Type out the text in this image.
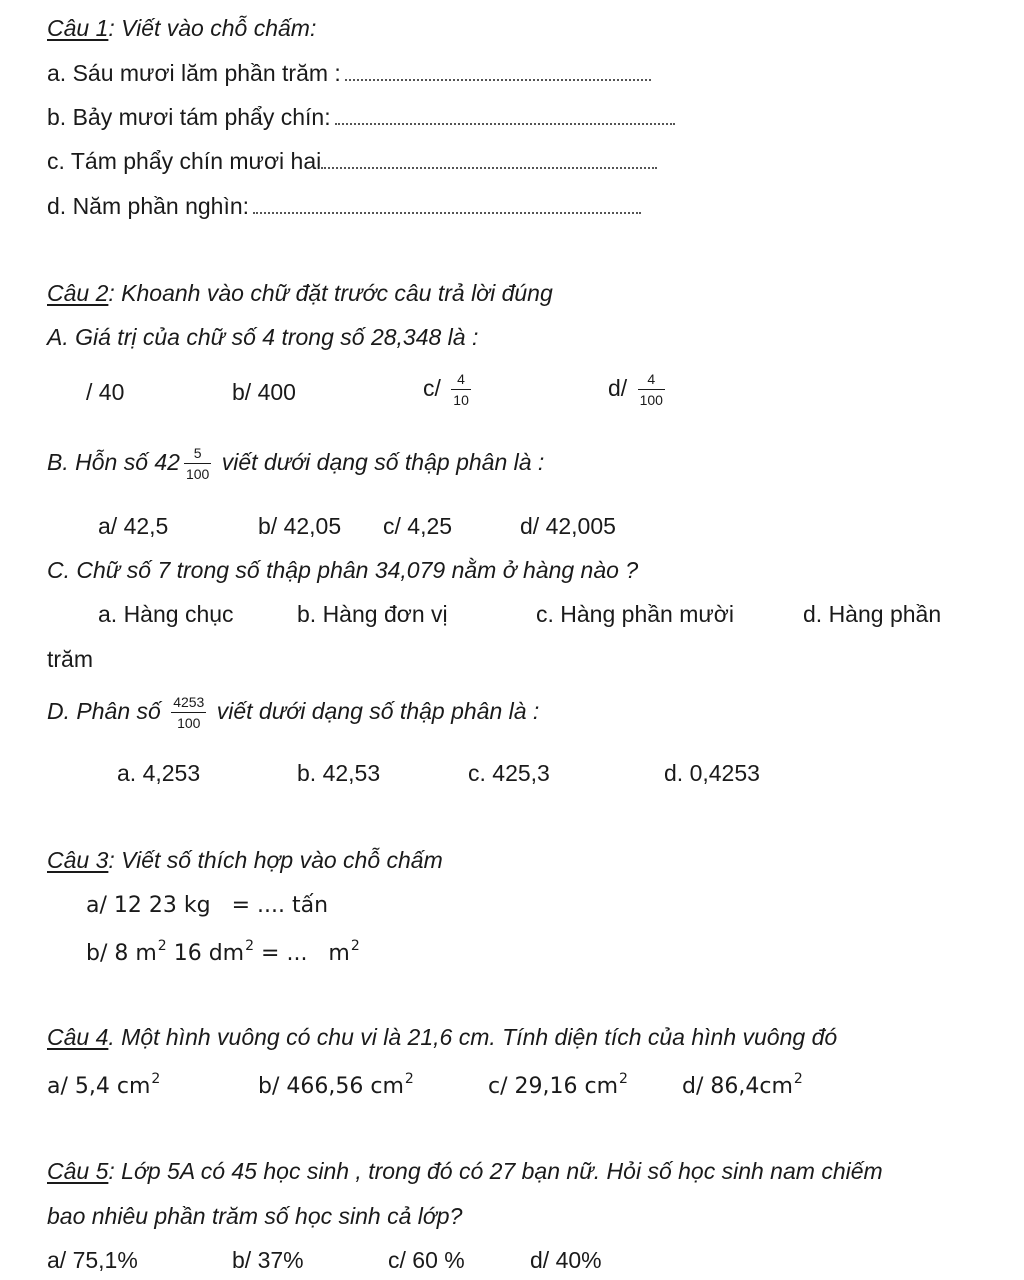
Câu 1: Viết vào chỗ chấm:
a. Sáu mươi lăm phần trăm :
b. Bảy mươi tám phẩy chín:
c. Tám phẩy chín mươi hai
d. Năm phần nghìn:
Câu 2: Khoanh vào chữ đặt trước câu trả lời đúng
A. Giá trị của chữ số 4 trong số 28,348 là :
/ 40	b/ 400	$c/ \frac{4}{10}$	$d/ \frac{4}{100}$
B. Hỗn số $42 \frac{5}{100}$ viết dưới dạng số thập phân là :
a/ 42,5	b/ 42,05 c/ 4,25	d/ 42,005
C. Chữ số 7 trong số thập phân 34,079 nằm ở hàng nào ?
a. Hàng chục	b. Hàng đơn vị	c. Hàng phần mười	d. Hàng phần
trăm
D. Phân số $\frac{4253}{100}$ viết dưới dạng số thập phân là :
a. 4,253	b. 42,53	c. 425,3	d. 0,4253
Câu 3: Viết số thích hợp vào chỗ chấm
a/ 12 23 kg = .... tấn
b/ 8 $m^2$ 16 $dm^2$ = ... $m^2$
Câu 4. Một hình vuông có chu vi là 21,6 cm. Tính diện tích của hình vuông đó
a/ 5,4 $cm^2$	b/ 466,56 $cm^2$	c/ 29,16 $cm^2$ d/ $86,4cm^2$
Câu 5: Lớp 5A có 45 học sinh , trong đó có 27 bạn nữ. Hỏi số học sinh nam chiếm
bao nhiêu phần trăm số học sinh cả lớp?
a/ 75,1%	b/ 37%	c/ 60 %	d/ 40%
